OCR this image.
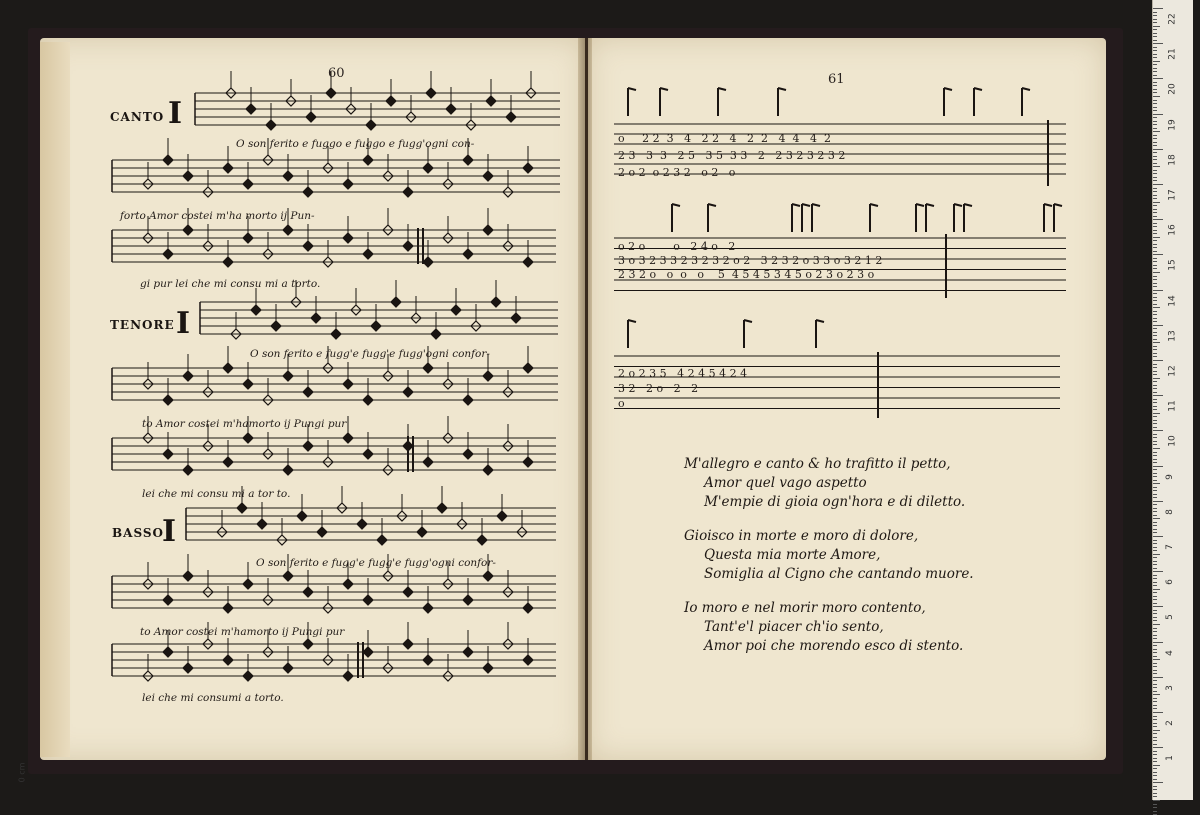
60
CANTO I
TENORE I
BASSO
I
O son ferito e fuggo e fuggo e fugg'ogni con-
forto Amor costei m'ha morto ij Pun-
gi pur lei che mi consu mi a torto.
O son ferito e fugg'e fugg'e fugg'ogni confor-
to Amor costei m'hamorto ij Pungi pur
lei che mi consu mi a tor to.
O son ferito e fugg'e fugg'e fugg'ogni confor-
to Amor costei m'hamorto ij Pungi pur
lei che mi consumi a torto.
61
M'allegro e canto & ho trafitto il petto,
Amor quel vago aspetto
M'empie di gioia ogn'hora e di diletto.
Gioisco in morte e moro di dolore,
Questa mia morte Amore,
Somiglia al Cigno che cantando muore.
Io moro e nel morir moro contento,
Tant'e'l piacer ch'io sento,
Amor poi che morendo esco di stento.
o     2 2  3   4   2 2   4   2  2   4  4   4  2
2 3   3  3   2 5   3 5  3 3   2   2 3 2 3 2 3 2
2 o 2  o 2 3 2   o 2   o
o 2 o        o   2 4 o   2
3 o 3 2 3 3 2 3 2 3 2 o 2   3 2 3 2 o 3 3 o 3 2 1 2
2 3 2 o   o  o   o    5  4 5 4 5 3 4 5 o 2 3 o 2 3 o
2 o 2 3 5   4 2 4 5 4 2 4
3 2   2 o   2   2
o
22
21
20
19
18
17
16
15
14
13
12
11
10
9
8
7
6
5
4
3
2
1
0 cm
